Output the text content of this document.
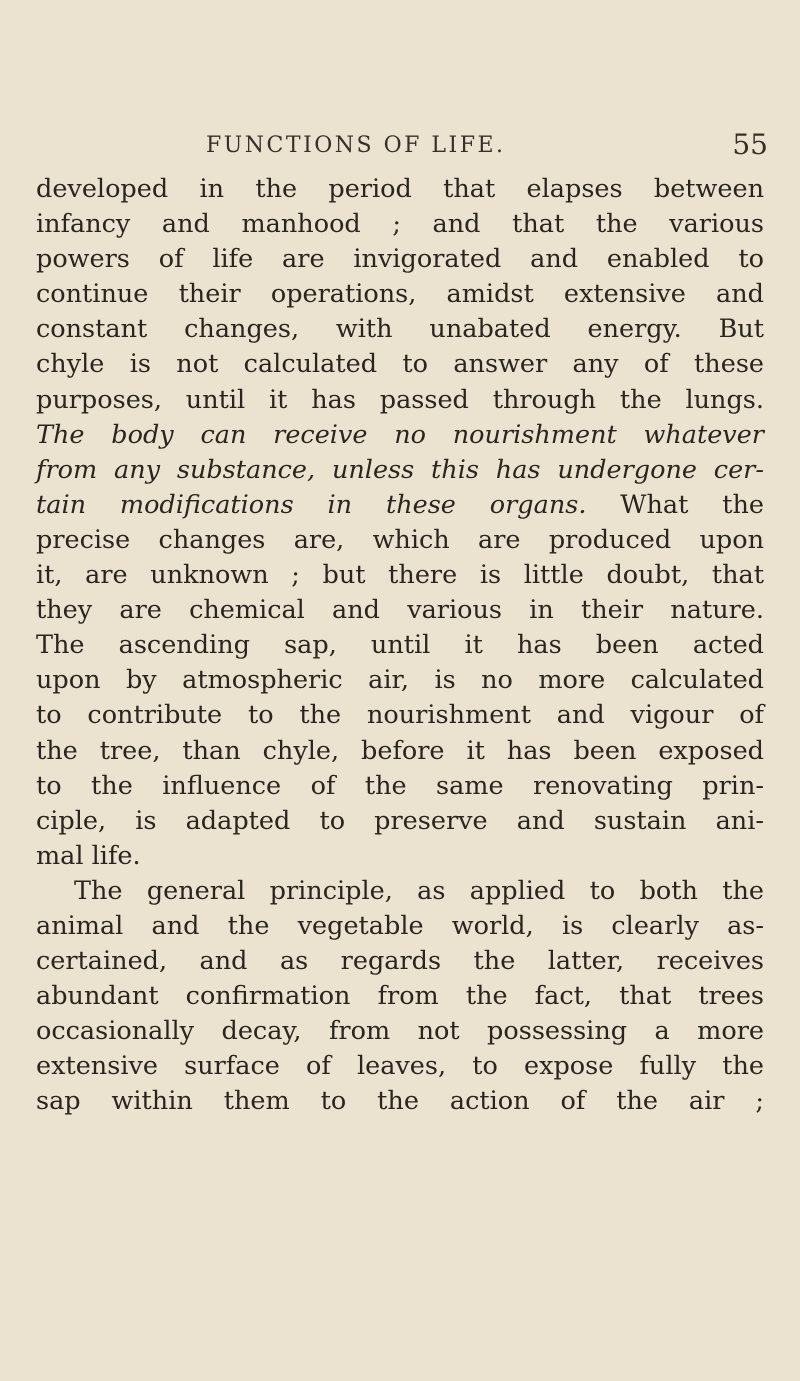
FUNCTIONS OF LIFE.	55
developed in the period that elapses between
infancy and manhood ; and that the various
powers of life are invigorated and enabled to
continue their operations, amidst extensive and
constant changes, with unabated energy. But
chyle is not calculated to answer any of these
purposes, until it has passed through the lungs.
The body can receive no nourishment whatever
from any substance, unless this has undergone cer-
tain modifications in these organs. What the
precise changes are, which are produced upon
it, are unknown ; but there is little doubt, that
they are chemical and various in their nature.
The ascending sap, until it has been acted
upon by atmospheric air, is no more calculated
to contribute to the nourishment and vigour of
the tree, than chyle, before it has been exposed
to the influence of the same renovating prin-
ciple, is adapted to preserve and sustain ani-
mal life.
The general principle, as applied to both the
animal and the vegetable world, is clearly as-
certained, and as regards the latter, receives
abundant confirmation from the fact, that trees
occasionally decay, from not possessing a more
extensive surface of leaves, to expose fully the
sap within them to the action of the air ;
